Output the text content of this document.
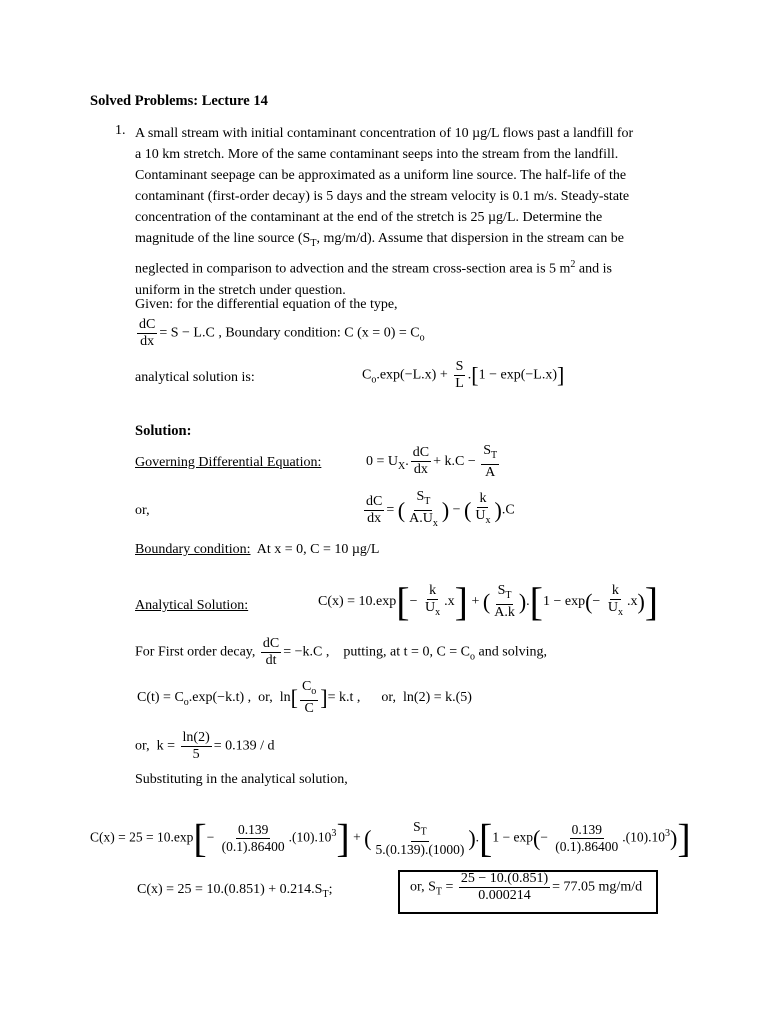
Solved Problems: Lecture 14
1. A small stream with initial contaminant concentration of 10 µg/L flows past a landfill for
a 10 km stretch. More of the same contaminant seeps into the stream from the landfill.
Contaminant seepage can be approximated as a uniform line source. The half-life of the
contaminant (first-order decay) is 5 days and the stream velocity is 0.1 m/s. Steady-state
concentration of the contaminant at the end of the stretch is 25 µg/L. Determine the
magnitude of the line source ($S_T$, mg/m/d). Assume that dispersion in the stream can be
neglected in comparison to advection and the stream cross-section area is 5 $m^2$ and is
uniform in the stretch under question.
Given: for the differential equation of the type,
$\frac{dC}{dx} = S - L.C$ , Boundary condition: C $(x = 0) = C_o$
analytical solution is:	$C_o.\exp(-L.x) + \frac{S}{L} .[1 - \exp(-L.x)]$
Solution:
Governing Differential Equation:	$0 = U_X$. $\frac{dC}{dx} + k.C - \frac{S_T}{A}$
or,	$\frac{dC}{dx}$ = ( $\frac{S_T}{A.U_x}$ ) − ( $\frac{k}{U_x} ).C$
Boundary condition: At x = 0, C = 10 µg/L
Analytical Solution:	$C(x) = 10.\exp[- \frac{k}{U_x} .x]$ + ( $\frac{S_T}{A.k} ).[1 - \exp(- \frac{k}{U_x} .x)]$
For First order decay, $\frac{dC}{dt} = -k.C$ ,    putting, at t = 0, $C = C_o$ and solving,
$C(t) = C_o.\exp(-k.t)$ ,  or,  $\ln[ \frac{C_o}{C}$ ]= k.t ,      or,  ln(2) = k.(5)
or,  $k = \frac{\ln(2)}{5} = 0.139 / d$
Substituting in the analytical solution,
$C(x) = 25 = 10.\exp[- \frac{0.139}{(0.1).86400} .(10).10^3]$ + ( $\frac{S_T}{5.(0.139).(1000)} ).[1 - \exp(- \frac{0.139}{(0.1).86400} .(10).10^3)]$
$C(x) = 25 = 10.(0.851) + 0.214.S_T$;	or, $S_T = \frac{25 - 10.(0.851)}{0.000214} = 77.05$ mg/m/d
